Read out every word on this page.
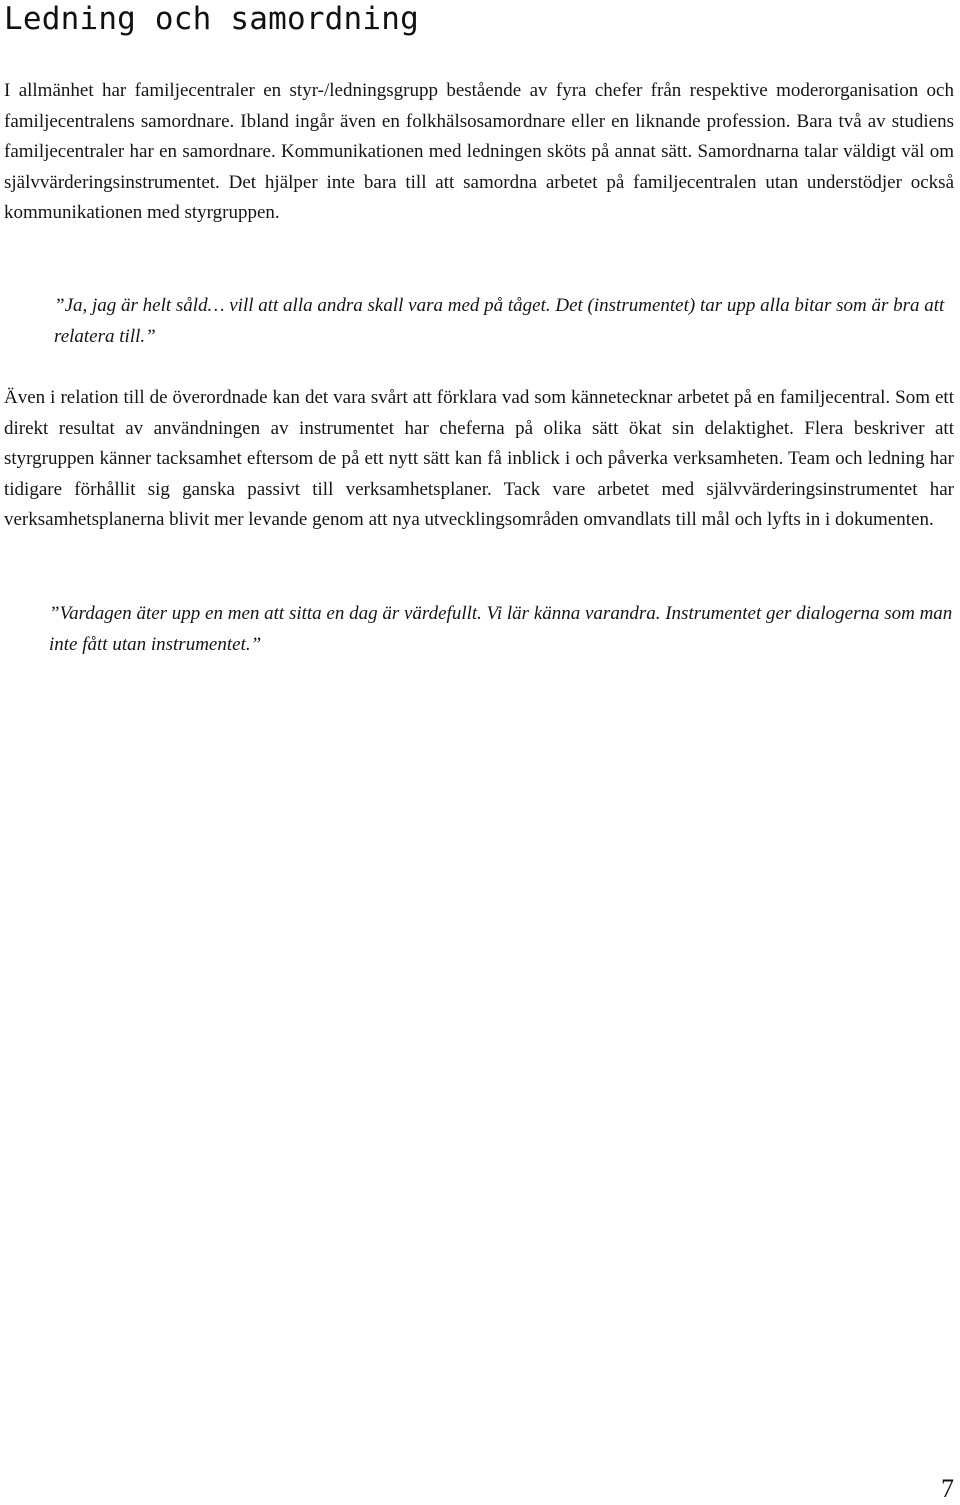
Ledning och samordning

I allmänhet har familjecentraler en styr-/ledningsgrupp bestående av fyra chefer från respektive moderorganisation och familjecentralens samordnare. Ibland ingår även en folkhälsosamordnare eller en liknande profession. Bara två av studiens familjecentraler har en samordnare. Kommunikationen med ledningen sköts på annat sätt. Samordnarna talar väldigt väl om självvärderingsinstrumentet. Det hjälper inte bara till att samordna arbetet på familjecentralen utan understödjer också kommunikationen med styrgruppen.

”Ja, jag är helt såld… vill att alla andra skall vara med på tåget. Det (instrumentet) tar upp alla bitar som är bra att relatera till.”

Även i relation till de överordnade kan det vara svårt att förklara vad som kännetecknar arbetet på en familjecentral. Som ett direkt resultat av användningen av instrumentet har cheferna på olika sätt ökat sin delaktighet. Flera beskriver att styrgruppen känner tacksamhet eftersom de på ett nytt sätt kan få inblick i och påverka verksamheten. Team och ledning har tidigare förhållit sig ganska passivt till verksamhetsplaner. Tack vare arbetet med självvärderingsinstrumentet har verksamhetsplanerna blivit mer levande genom att nya utvecklingsområden omvandlats till mål och lyfts in i dokumenten.

”Vardagen äter upp en men att sitta en dag är värdefullt. Vi lär känna varandra. Instrumentet ger dialogerna som man inte fått utan instrumentet.”

7
